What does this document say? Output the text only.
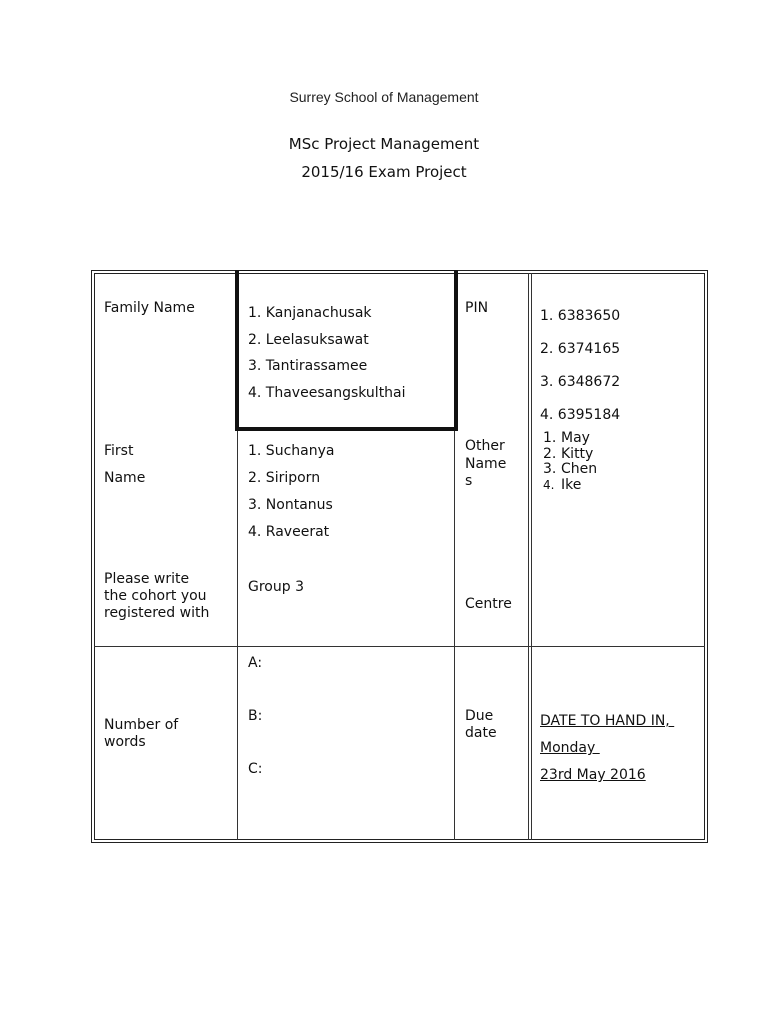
Surrey School of Management
MSc Project Management
2015/16 Exam Project
Family Name	1. Kanjanachusak
2. Leelasuksawat
3. Tantirassamee
4. Thaveesangskulthai
PIN	1. 6383650
2. 6374165
3. 6348672
4. 6395184
First
Name
1. Suchanya
2. Siriporn
3. Nontanus
4. Raveerat
Other
Name
s
1. May
2. Kitty
3. Chen
4. Ike
Please write
the cohort you
registered with
Group 3
Centre
Number of
words
A:
B:
C:
Due
date
DATE TO HAND IN,
Monday
23rd May 2016
